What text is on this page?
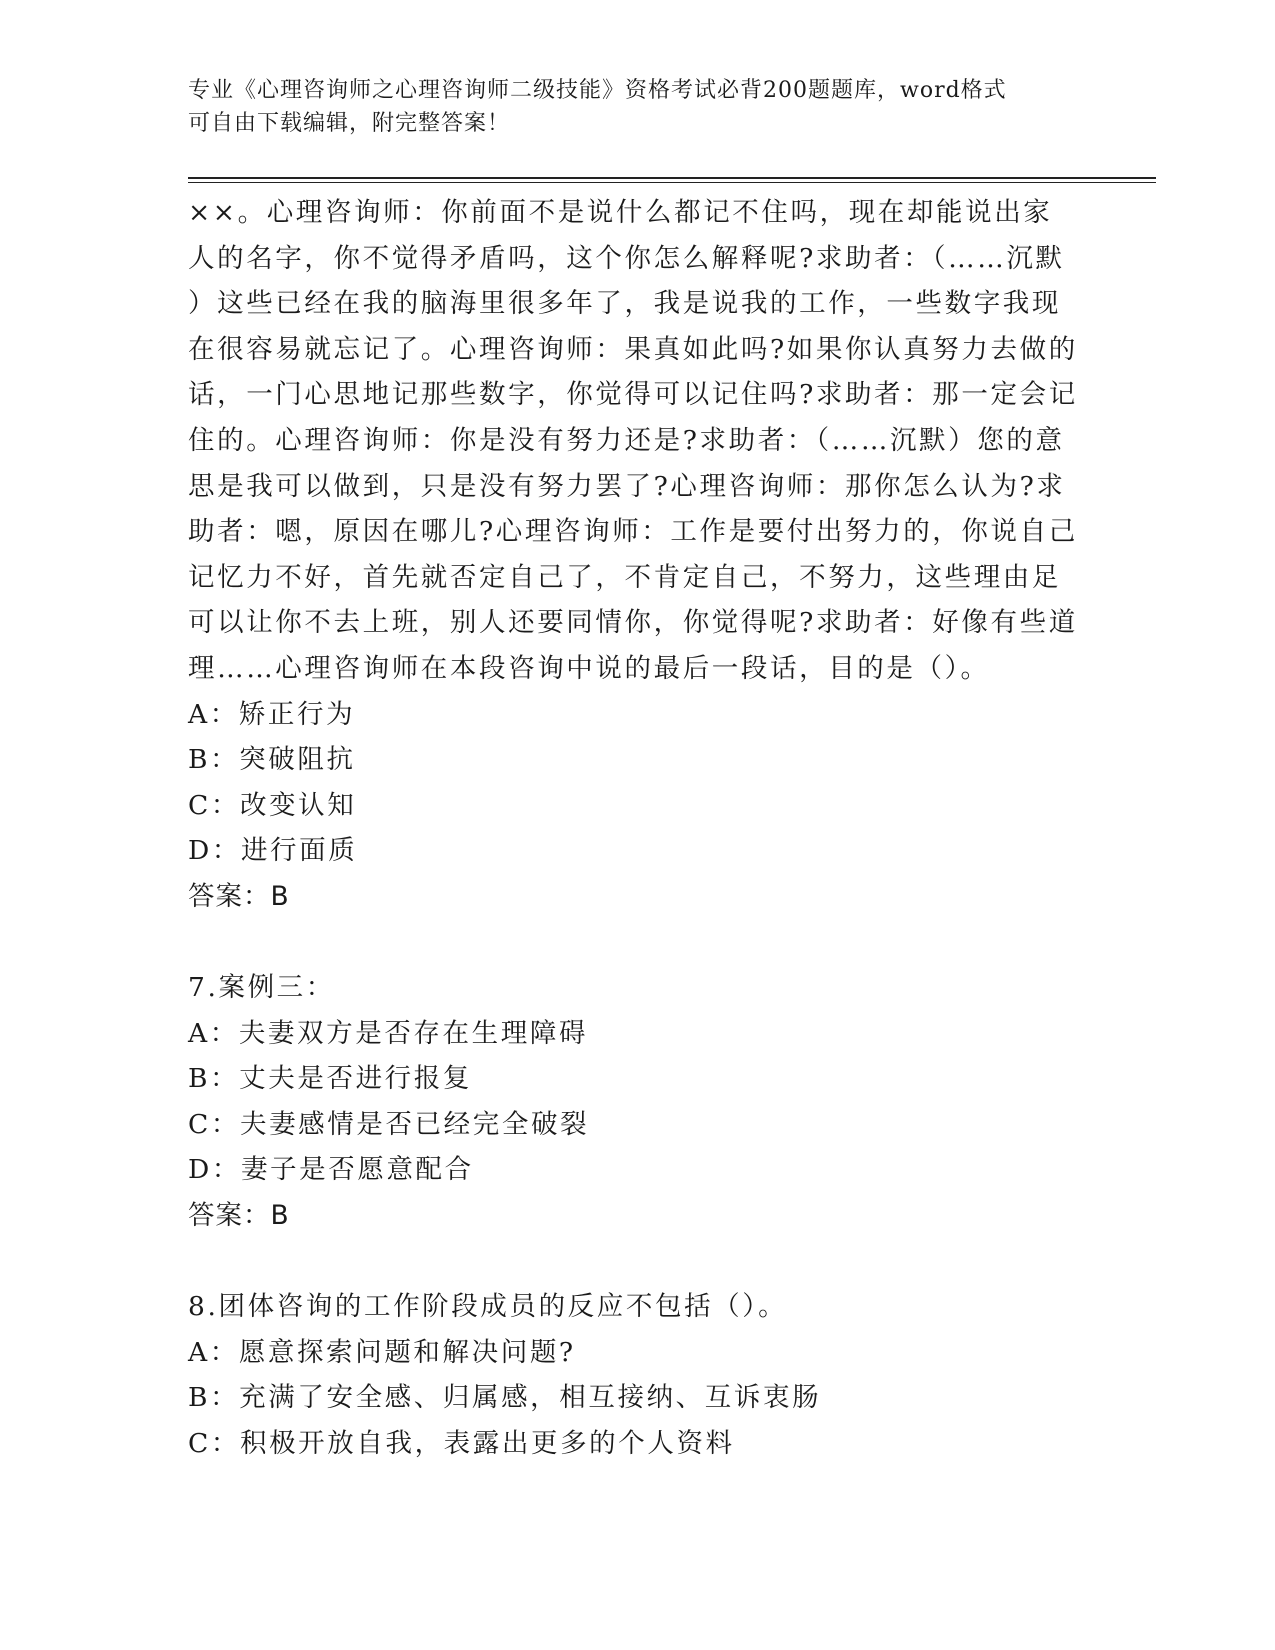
专业《心理咨询师之心理咨询师二级技能》资格考试必背200题题库，word格式
可自由下载编辑，附完整答案！
××。心理咨询师：你前面不是说什么都记不住吗，现在却能说出家
人的名字，你不觉得矛盾吗，这个你怎么解释呢?求助者：（……沉默
）这些已经在我的脑海里很多年了，我是说我的工作，一些数字我现
在很容易就忘记了。心理咨询师：果真如此吗?如果你认真努力去做的
话，一门心思地记那些数字，你觉得可以记住吗?求助者：那一定会记
住的。心理咨询师：你是没有努力还是?求助者：（……沉默）您的意
思是我可以做到，只是没有努力罢了?心理咨询师：那你怎么认为?求
助者：嗯，原因在哪儿?心理咨询师：工作是要付出努力的，你说自己
记忆力不好，首先就否定自己了，不肯定自己，不努力，这些理由足
可以让你不去上班，别人还要同情你，你觉得呢?求助者：好像有些道
理……心理咨询师在本段咨询中说的最后一段话，目的是（）。
A：矫正行为
B：突破阻抗
C：改变认知
D：进行面质
答案：B
7.案例三：
A：夫妻双方是否存在生理障碍
B：丈夫是否进行报复
C：夫妻感情是否已经完全破裂
D：妻子是否愿意配合
答案：B
8.团体咨询的工作阶段成员的反应不包括（）。
A：愿意探索问题和解决问题?
B：充满了安全感、归属感，相互接纳、互诉衷肠
C：积极开放自我，表露出更多的个人资料
